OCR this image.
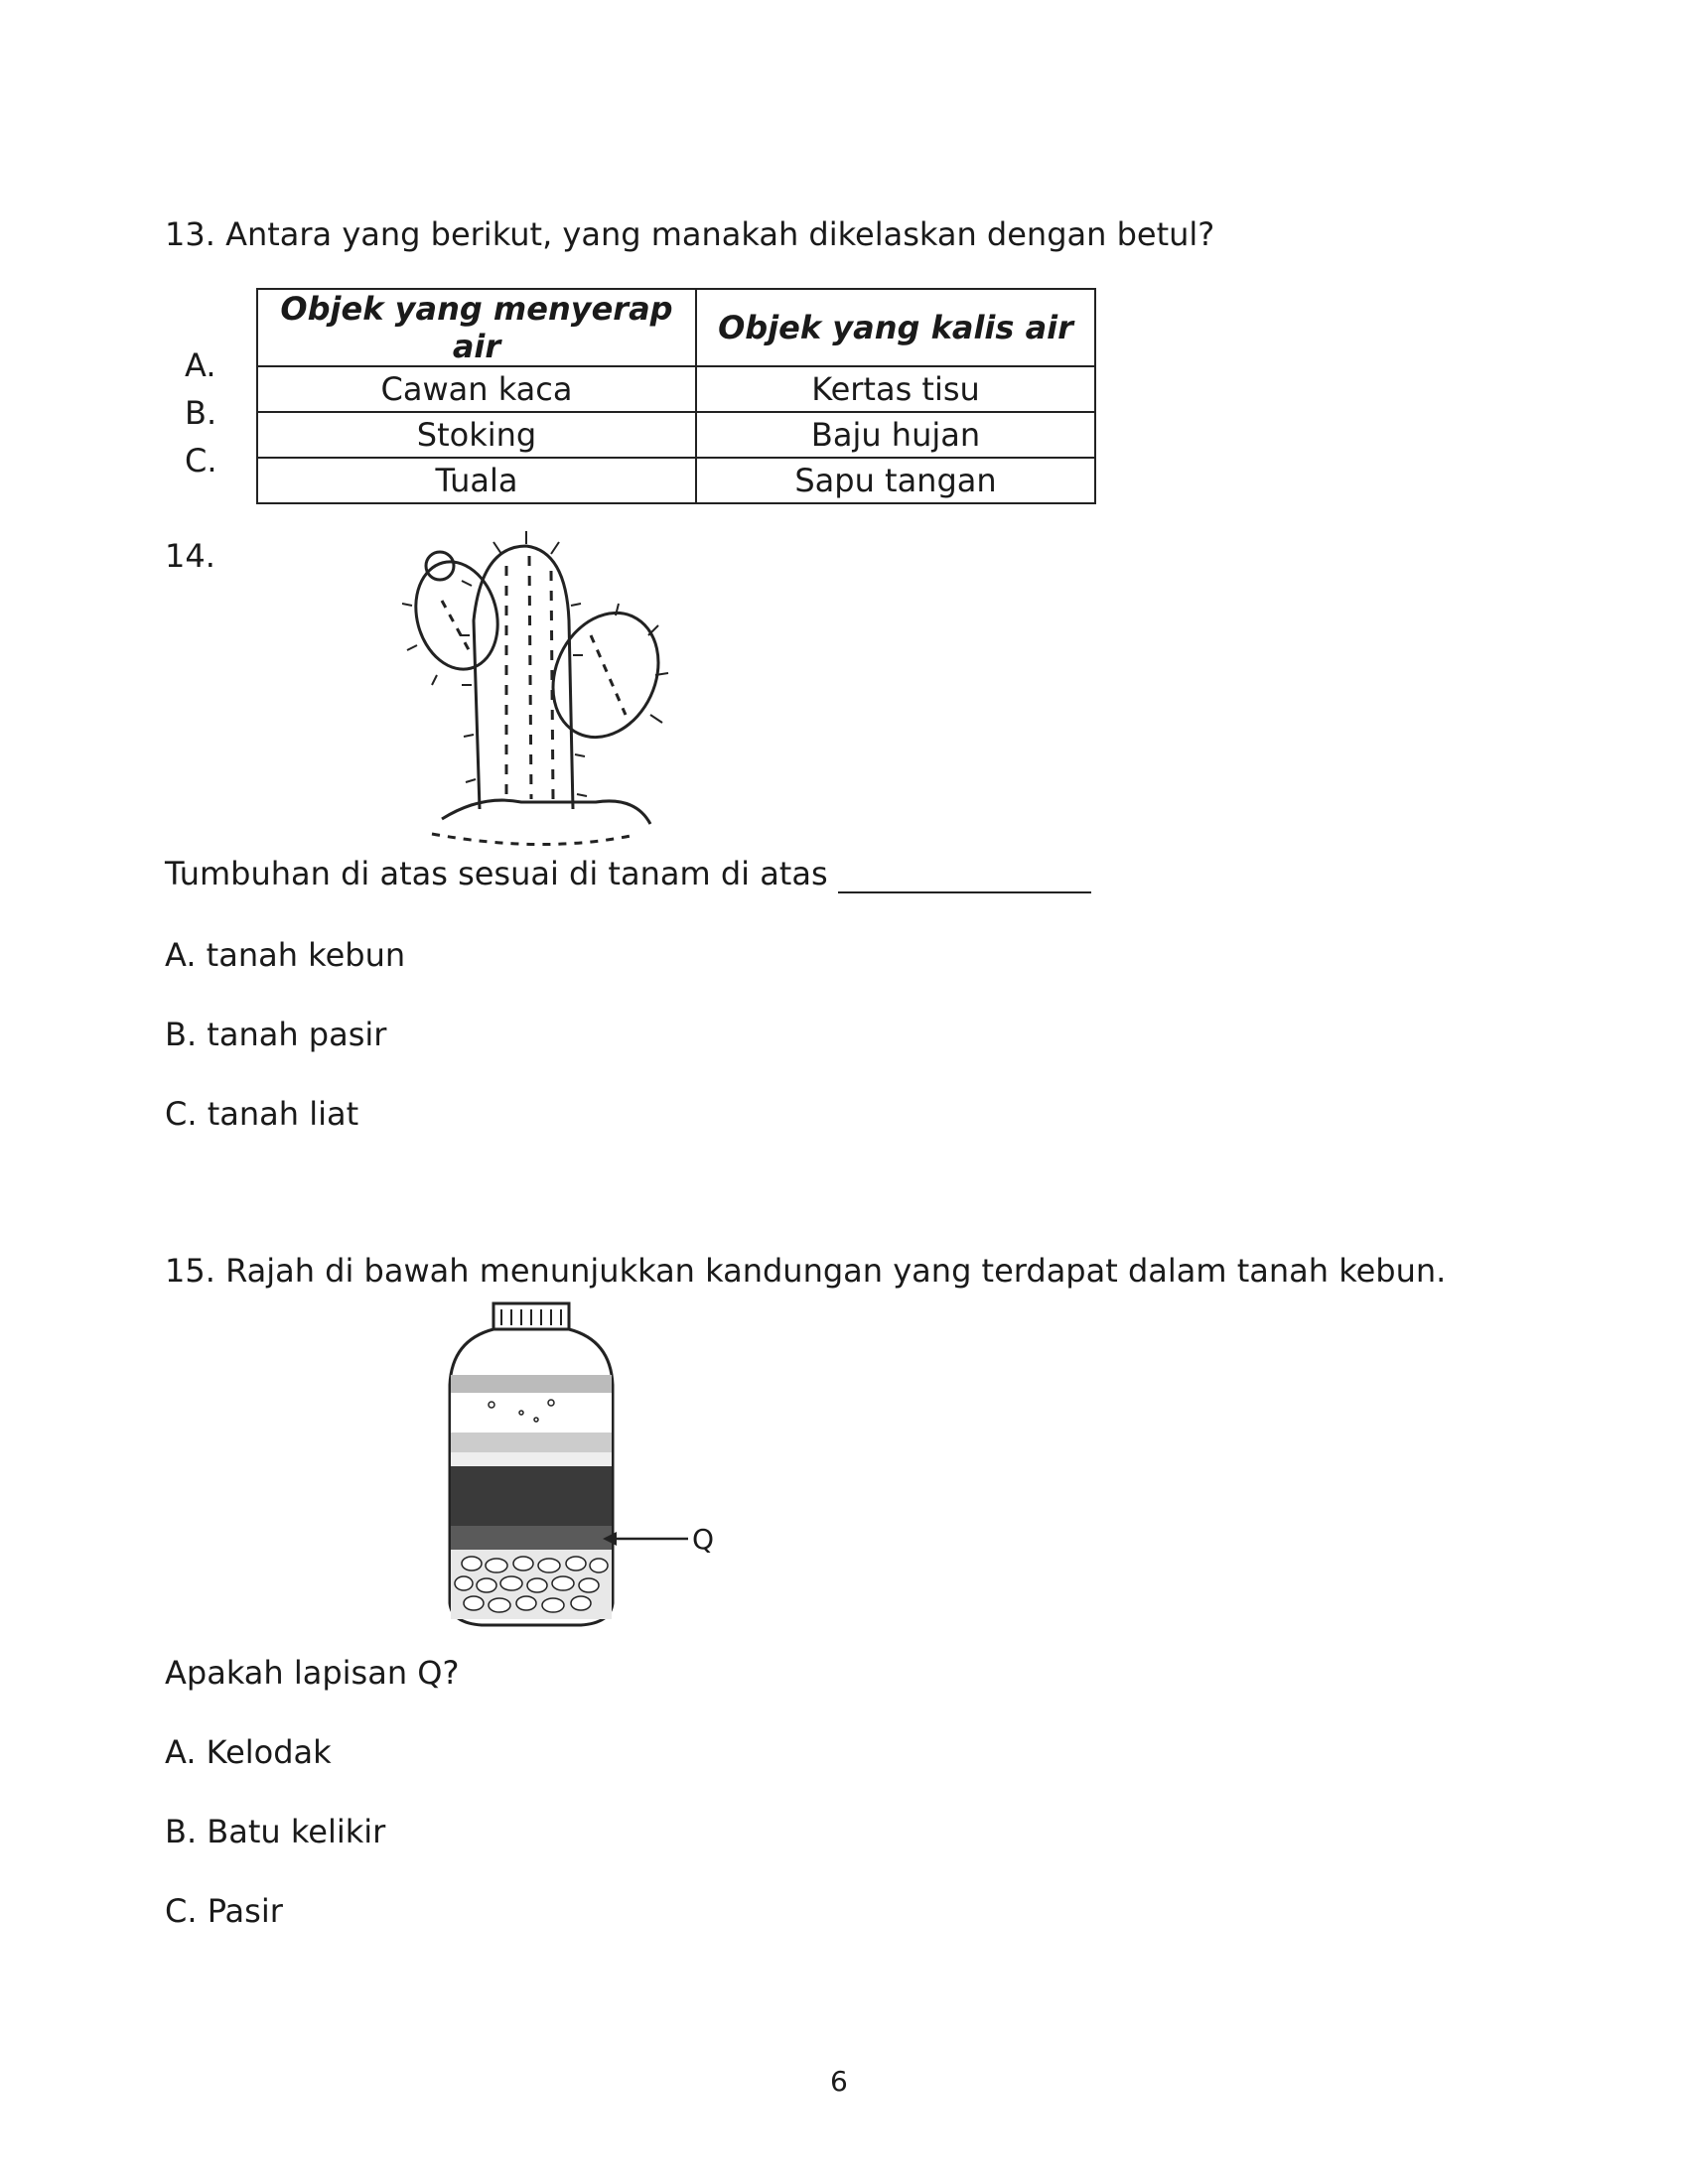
13. Antara yang berikut, yang manakah dikelaskan dengan betul?
Objek yang menyerap air	Objek yang kalis air
Cawan kaca	Kertas tisu
Stoking	Baju hujan
Tuala	Sapu tangan
A.
B.
C.
14.
Tumbuhan di atas sesuai di tanam di atas
A. tanah kebun
B. tanah pasir
C. tanah liat
15. Rajah di bawah menunjukkan kandungan yang terdapat dalam tanah kebun.
Q
Apakah lapisan Q?
A. Kelodak
B. Batu kelikir
C. Pasir
6
